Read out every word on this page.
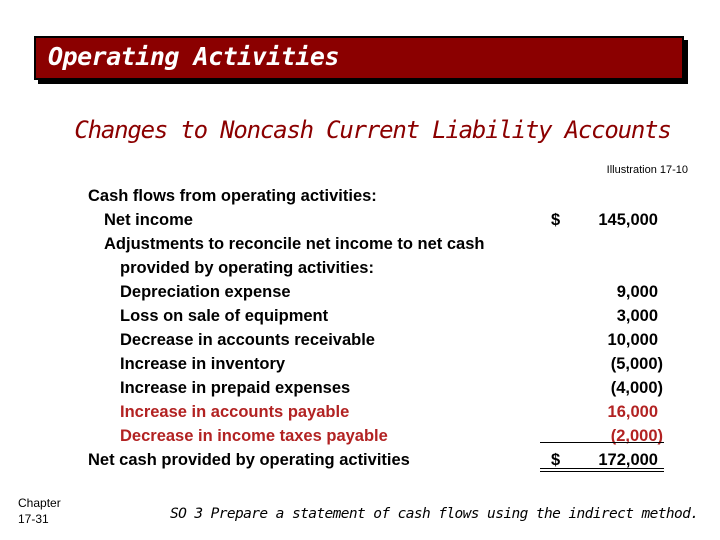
Operating Activities
Changes to Noncash Current Liability Accounts
Illustration 17-10
Cash flows from operating activities:
Net income	$ 145,000
Adjustments to reconcile net income to net cash
provided by operating activities:
Depreciation expense	9,000
Loss on sale of equipment	3,000
Decrease in accounts receivable	10,000
Increase in inventory	(5,000)
Increase in prepaid expenses	(4,000)
Increase in accounts payable	16,000
Decrease in income taxes payable	(2,000)
Net cash provided by operating activities	$ 172,000
Chapter
17-31	SO 3 Prepare a statement of cash flows using the indirect method.
